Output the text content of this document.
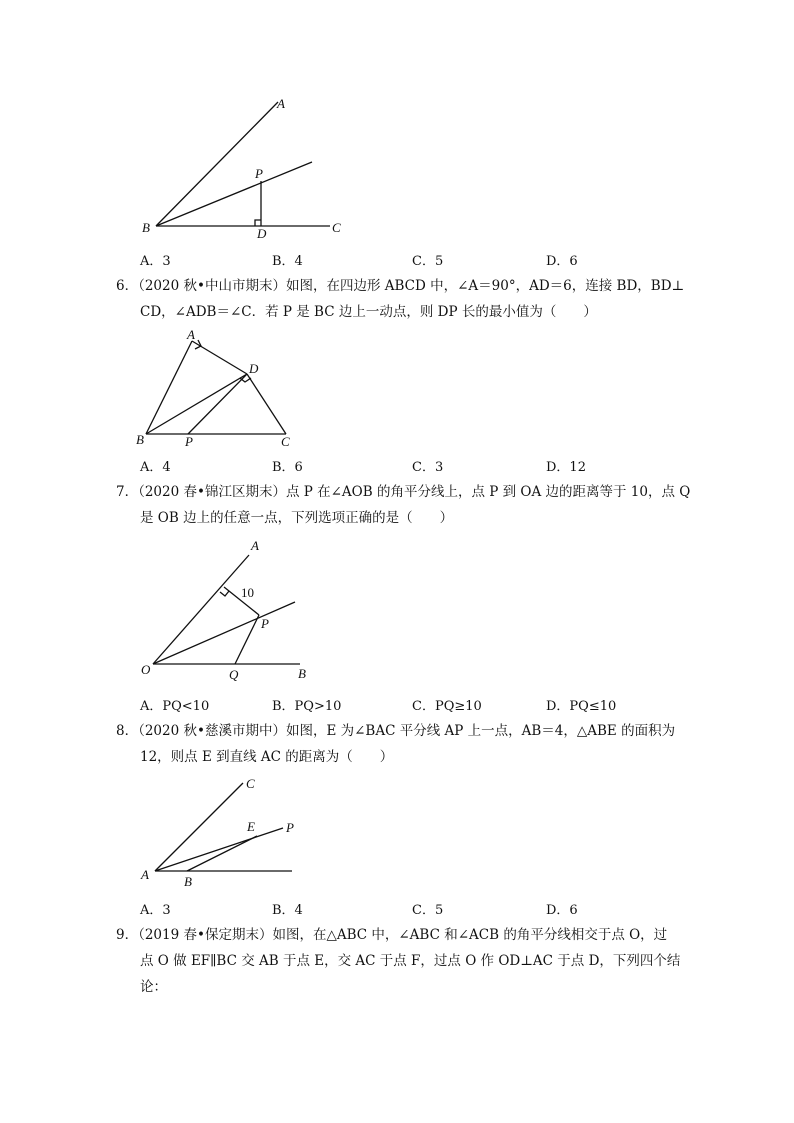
A
P
B	D	C
A．3	B．4	C．5	D．6
6．（2020 秋•中山市期末）如图，在四边形 ABCD 中，∠A＝90°，AD＝6，连接 BD，BD⊥
CD，∠ADB＝∠C．若 P 是 BC 边上一动点，则 DP 长的最小值为（　　）
A
D
B	P	C
A．4	B．6	C．3	D．12
7．（2020 春•锦江区期末）点 P 在∠AOB 的角平分线上，点 P 到 OA 边的距离等于 10，点 Q
是 OB 边上的任意一点，下列选项正确的是（　　）
A
10
P
O	Q	B
A．PQ<10	B．PQ>10	C．PQ≥10	D．PQ≤10
8．（2020 秋•慈溪市期中）如图，E 为∠BAC 平分线 AP 上一点，AB＝4，△ABE 的面积为
12，则点 E 到直线 AC 的距离为（　　）
C
E P
A	B
A．3	B．4	C．5	D．6
9．（2019 春•保定期末）如图，在△ABC 中，∠ABC 和∠ACB 的角平分线相交于点 O，过
点 O 做 EF∥BC 交 AB 于点 E，交 AC 于点 F，过点 O 作 OD⊥AC 于点 D，下列四个结
论：
